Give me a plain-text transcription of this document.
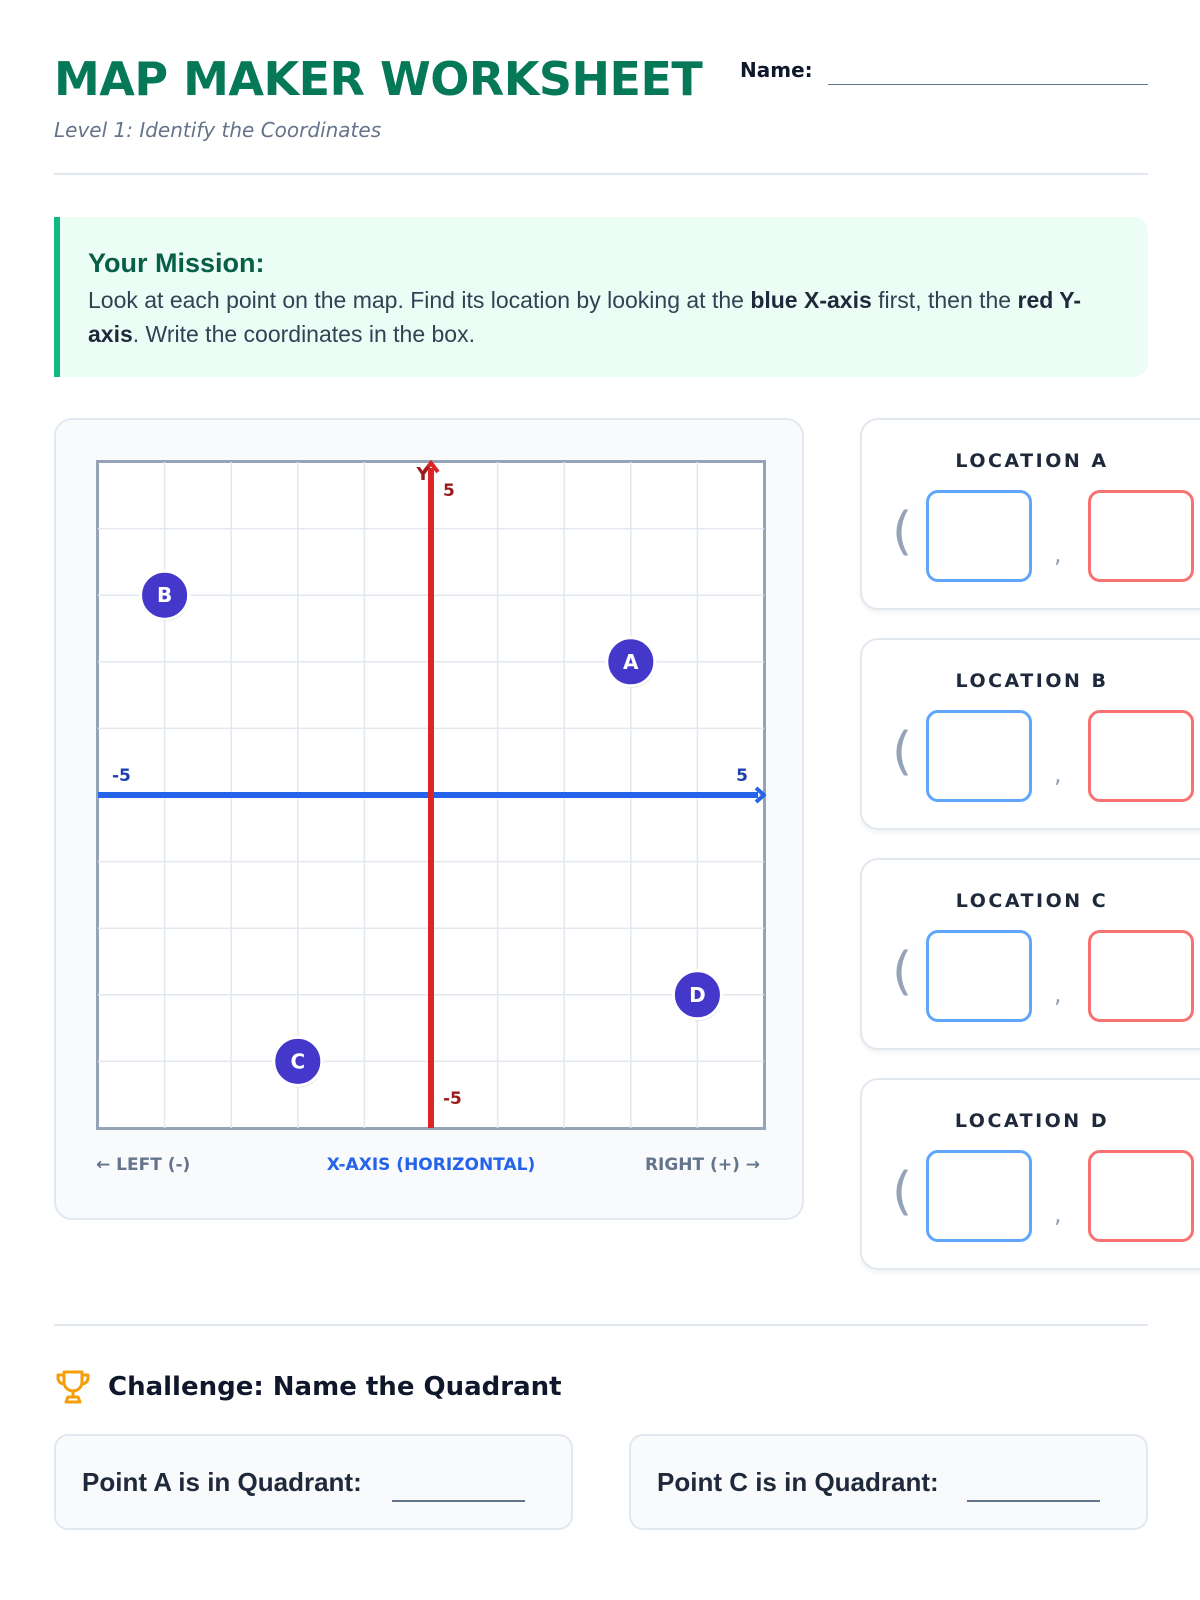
MAP MAKER WORKSHEET
Level 1: Identify the Coordinates
Name:
Your Mission:
Look at each point on the map. Find its location by looking at the blue X-axis first, then the red Y-axis. Write the coordinates in the box.
-5	5
5
-5
Y
A
B
C
D
← LEFT (-)	X-AXIS (HORIZONTAL)	RIGHT (+) →
LOCATION A
(	,
LOCATION B
(	,
LOCATION C
(	,
LOCATION D
(	,
Challenge: Name the Quadrant
Point A is in Quadrant:	Point C is in Quadrant:
